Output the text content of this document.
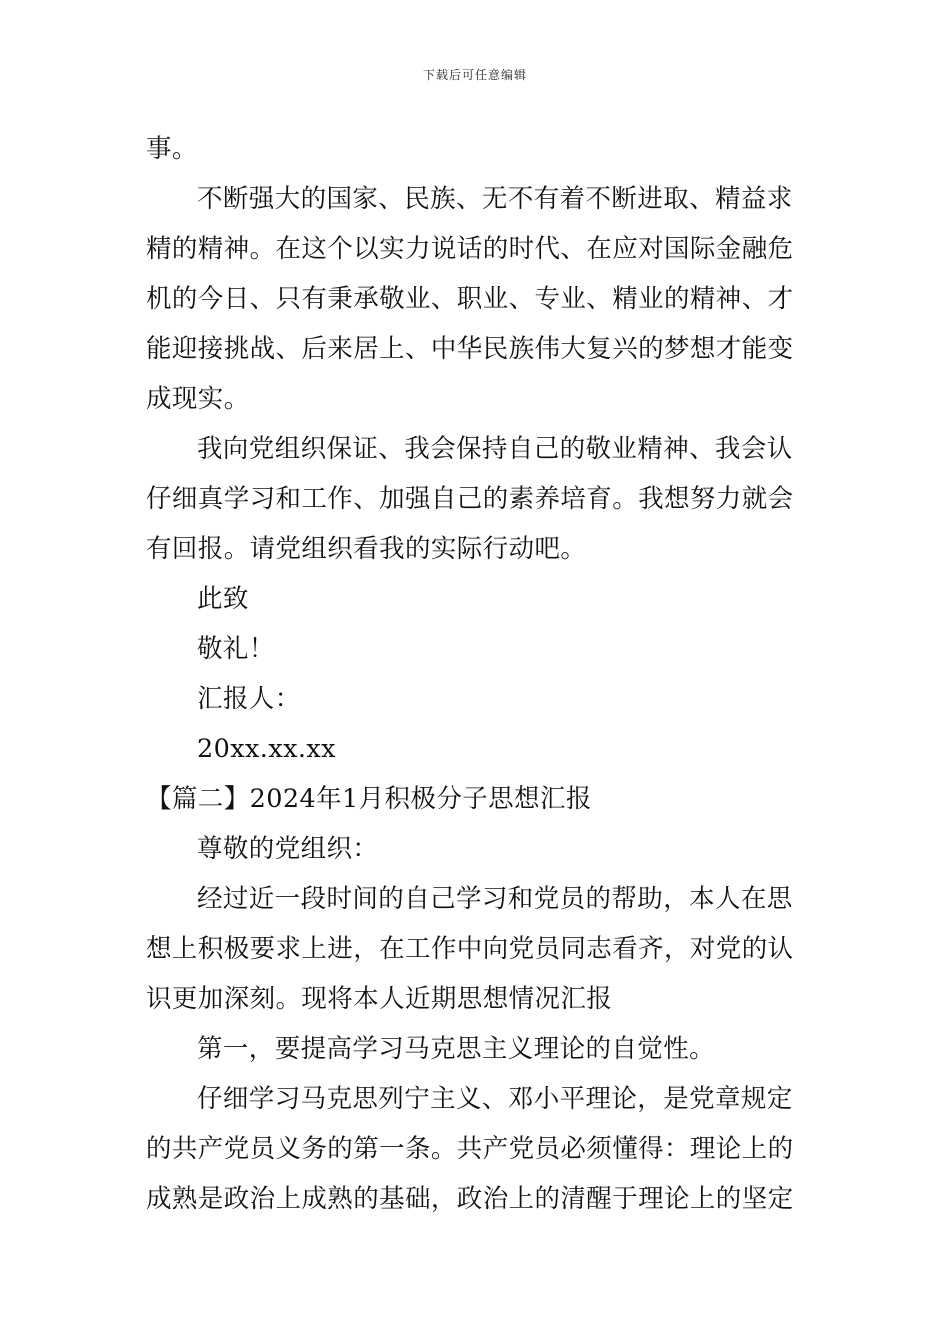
下载后可任意编辑
事。
不断强大的国家、民族、无不有着不断进取、精益求
精的精神。在这个以实力说话的时代、在应对国际金融危
机的今日、只有秉承敬业、职业、专业、精业的精神、才
能迎接挑战、后来居上、中华民族伟大复兴的梦想才能变
成现实。
我向党组织保证、我会保持自己的敬业精神、我会认
仔细真学习和工作、加强自己的素养培育。我想努力就会
有回报。请党组织看我的实际行动吧。
此致
敬礼！
汇报人：
20xx.xx.xx
【篇二】2024年1月积极分子思想汇报
尊敬的党组织：
经过近一段时间的自己学习和党员的帮助，本人在思
想上积极要求上进，在工作中向党员同志看齐，对党的认
识更加深刻。现将本人近期思想情况汇报
第一，要提高学习马克思主义理论的自觉性。
仔细学习马克思列宁主义、邓小平理论，是党章规定
的共产党员义务的第一条。共产党员必须懂得：理论上的
成熟是政治上成熟的基础，政治上的清醒于理论上的坚定
